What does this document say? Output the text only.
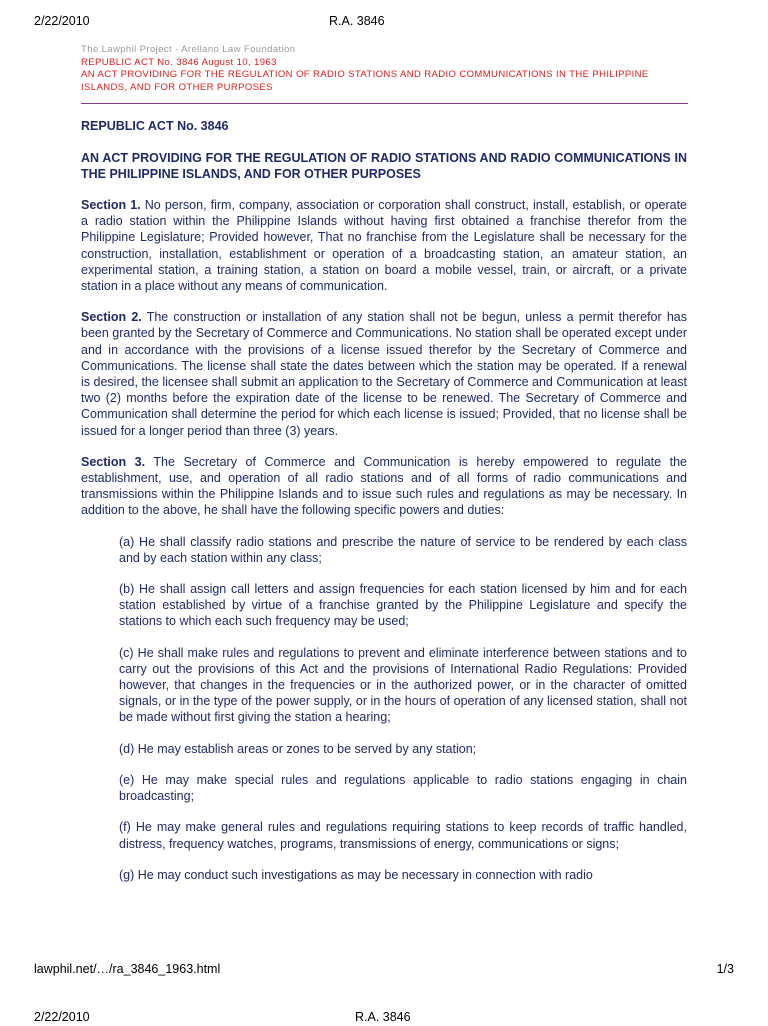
2/22/2010	R.A. 3846
The Lawphil Project - Arellano Law Foundation
REPUBLIC ACT No. 3846 August 10, 1963
AN ACT PROVIDING FOR THE REGULATION OF RADIO STATIONS AND RADIO COMMUNICATIONS IN THE PHILIPPINE ISLANDS, AND FOR OTHER PURPOSES
REPUBLIC ACT No. 3846
AN ACT PROVIDING FOR THE REGULATION OF RADIO STATIONS AND RADIO COMMUNICATIONS IN THE PHILIPPINE ISLANDS, AND FOR OTHER PURPOSES

Section 1. No person, firm, company, association or corporation shall construct, install, establish, or operate a radio station within the Philippine Islands without having first obtained a franchise therefor from the Philippine Legislature; Provided however, That no franchise from the Legislature shall be necessary for the construction, installation, establishment or operation of a broadcasting station, an amateur station, an experimental station, a training station, a station on board a mobile vessel, train, or aircraft, or a private station in a place without any means of communication.

Section 2. The construction or installation of any station shall not be begun, unless a permit therefor has been granted by the Secretary of Commerce and Communications. No station shall be operated except under and in accordance with the provisions of a license issued therefor by the Secretary of Commerce and Communications. The license shall state the dates between which the station may be operated. If a renewal is desired, the licensee shall submit an application to the Secretary of Commerce and Communication at least two (2) months before the expiration date of the license to be renewed. The Secretary of Commerce and Communication shall determine the period for which each license is issued; Provided, that no license shall be issued for a longer period than three (3) years.

Section 3. The Secretary of Commerce and Communication is hereby empowered to regulate the establishment, use, and operation of all radio stations and of all forms of radio communications and transmissions within the Philippine Islands and to issue such rules and regulations as may be necessary. In addition to the above, he shall have the following specific powers and duties:

(a) He shall classify radio stations and prescribe the nature of service to be rendered by each class and by each station within any class;

(b) He shall assign call letters and assign frequencies for each station licensed by him and for each station established by virtue of a franchise granted by the Philippine Legislature and specify the stations to which each such frequency may be used;

(c) He shall make rules and regulations to prevent and eliminate interference between stations and to carry out the provisions of this Act and the provisions of International Radio Regulations: Provided however, that changes in the frequencies or in the authorized power, or in the character of omitted signals, or in the type of the power supply, or in the hours of operation of any licensed station, shall not be made without first giving the station a hearing;

(d) He may establish areas or zones to be served by any station;

(e) He may make special rules and regulations applicable to radio stations engaging in chain broadcasting;

(f) He may make general rules and regulations requiring stations to keep records of traffic handled, distress, frequency watches, programs, transmissions of energy, communications or signs;

(g) He may conduct such investigations as may be necessary in connection with radio

lawphil.net/…/ra_3846_1963.html	1/3
2/22/2010	R.A. 3846
